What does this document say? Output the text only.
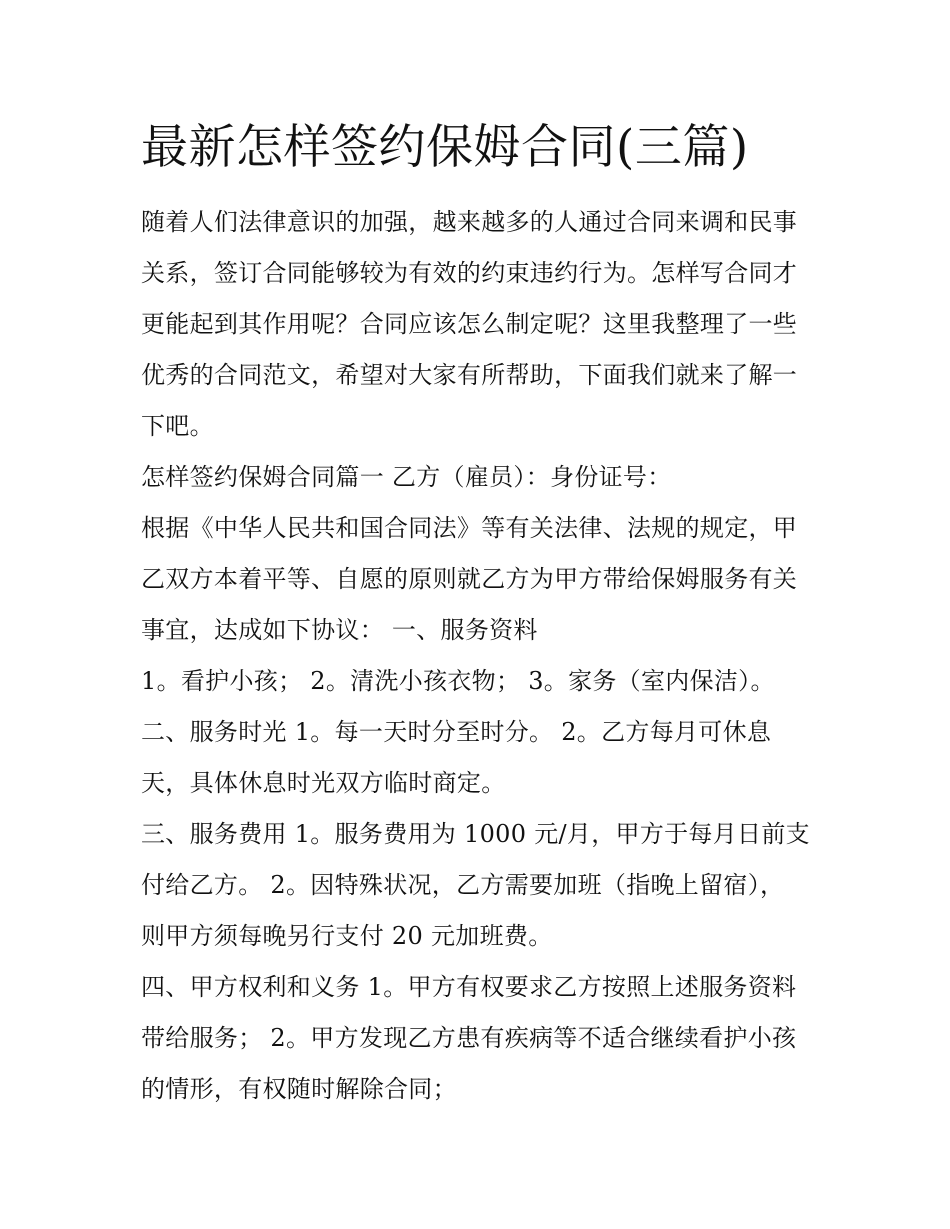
最新怎样签约保姆合同(三篇)

随着人们法律意识的加强，越来越多的人通过合同来调和民事

关系，签订合同能够较为有效的约束违约行为。怎样写合同才

更能起到其作用呢？合同应该怎么制定呢？这里我整理了一些

优秀的合同范文，希望对大家有所帮助，下面我们就来了解一

下吧。

怎样签约保姆合同篇一 乙方（雇员）：身份证号：

根据《中华人民共和国合同法》等有关法律、法规的规定，甲

乙双方本着平等、自愿的原则就乙方为甲方带给保姆服务有关

事宜，达成如下协议： 一、服务资料

1。看护小孩； 2。清洗小孩衣物； 3。家务（室内保洁）。

二、服务时光 1。每一天时分至时分。 2。乙方每月可休息

天，具体休息时光双方临时商定。

三、服务费用 1。服务费用为 1000 元/月，甲方于每月日前支

付给乙方。 2。因特殊状况，乙方需要加班（指晚上留宿），

则甲方须每晚另行支付 20 元加班费。

四、甲方权利和义务 1。甲方有权要求乙方按照上述服务资料

带给服务； 2。甲方发现乙方患有疾病等不适合继续看护小孩

的情形，有权随时解除合同；
